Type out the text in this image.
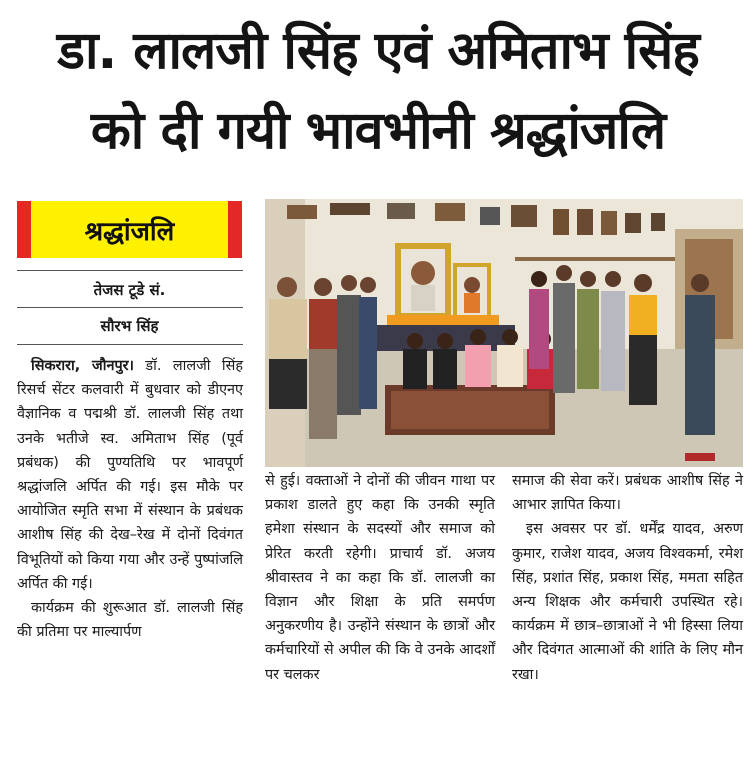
डा. लालजी सिंह एवं अमिताभ सिंह
को दी गयी भावभीनी श्रद्धांजलि
श्रद्धांजलि
तेजस टूडे सं.
सौरभ सिंह

सिकरारा, जौनपुर। डॉ. लालजी सिंह रिसर्च सेंटर कलवारी में बुधवार को डीएनए वैज्ञानिक व पद्मश्री डॉ. लालजी सिंह तथा उनके भतीजे स्व. अमिताभ सिंह (पूर्व प्रबंधक) की पुण्यतिथि पर भावपूर्ण श्रद्धांजलि अर्पित की गई। इस मौके पर आयोजित स्मृति सभा में संस्थान के प्रबंधक आशीष सिंह की देख–रेख में दोनों दिवंगत विभूतियों को किया गया और उन्हें पुष्पांजलि अर्पित की गई।

कार्यक्रम की शुरूआत डॉ. लालजी सिंह की प्रतिमा पर माल्यार्पण

से हुई। वक्ताओं ने दोनों की जीवन गाथा पर प्रकाश डालते हुए कहा कि उनकी स्मृति हमेशा संस्थान के सदस्यों और समाज को प्रेरित करती रहेगी। प्राचार्य डॉ. अजय श्रीवास्तव ने का कहा कि डॉ. लालजी का विज्ञान और शिक्षा के प्रति समर्पण अनुकरणीय है। उन्होंने संस्थान के छात्रों और कर्मचारियों से अपील की कि वे उनके आदर्शों पर चलकर

समाज की सेवा करें। प्रबंधक आशीष सिंह ने आभार ज्ञापित किया।

इस अवसर पर डॉ. धर्मेंद्र यादव, अरुण कुमार, राजेश यादव, अजय विश्वकर्मा, रमेश सिंह, प्रशांत सिंह, प्रकाश सिंह, ममता सहित अन्य शिक्षक और कर्मचारी उपस्थित रहे। कार्यक्रम में छात्र–छात्राओं ने भी हिस्सा लिया और दिवंगत आत्माओं की शांति के लिए मौन रखा।
